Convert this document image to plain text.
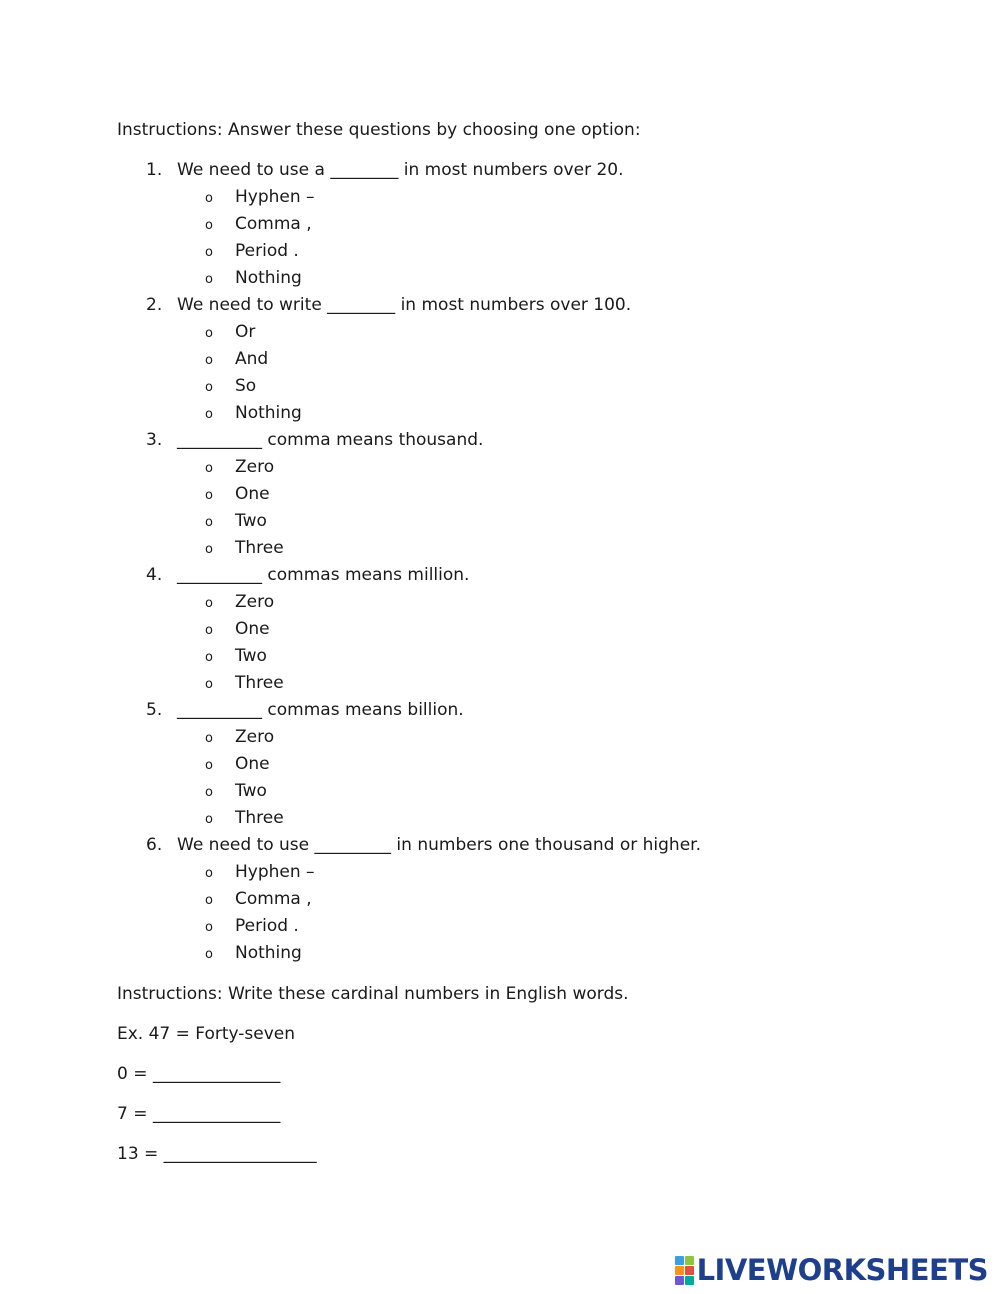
Instructions: Answer these questions by choosing one option:
1. We need to use a ________ in most numbers over 20.
o Hyphen –
o Comma ,
o Period .
o Nothing
2. We need to write ________ in most numbers over 100.
o Or
o And
o So
o Nothing
3. __________ comma means thousand.
o Zero
o One
o Two
o Three
4. __________ commas means million.
o Zero
o One
o Two
o Three
5. __________ commas means billion.
o Zero
o One
o Two
o Three
6. We need to use _________ in numbers one thousand or higher.
o Hyphen –
o Comma ,
o Period .
o Nothing
Instructions: Write these cardinal numbers in English words.
Ex. 47 = Forty-seven
0 = _______________
7 = _______________
13 = __________________
LIVEWORKSHEETS
